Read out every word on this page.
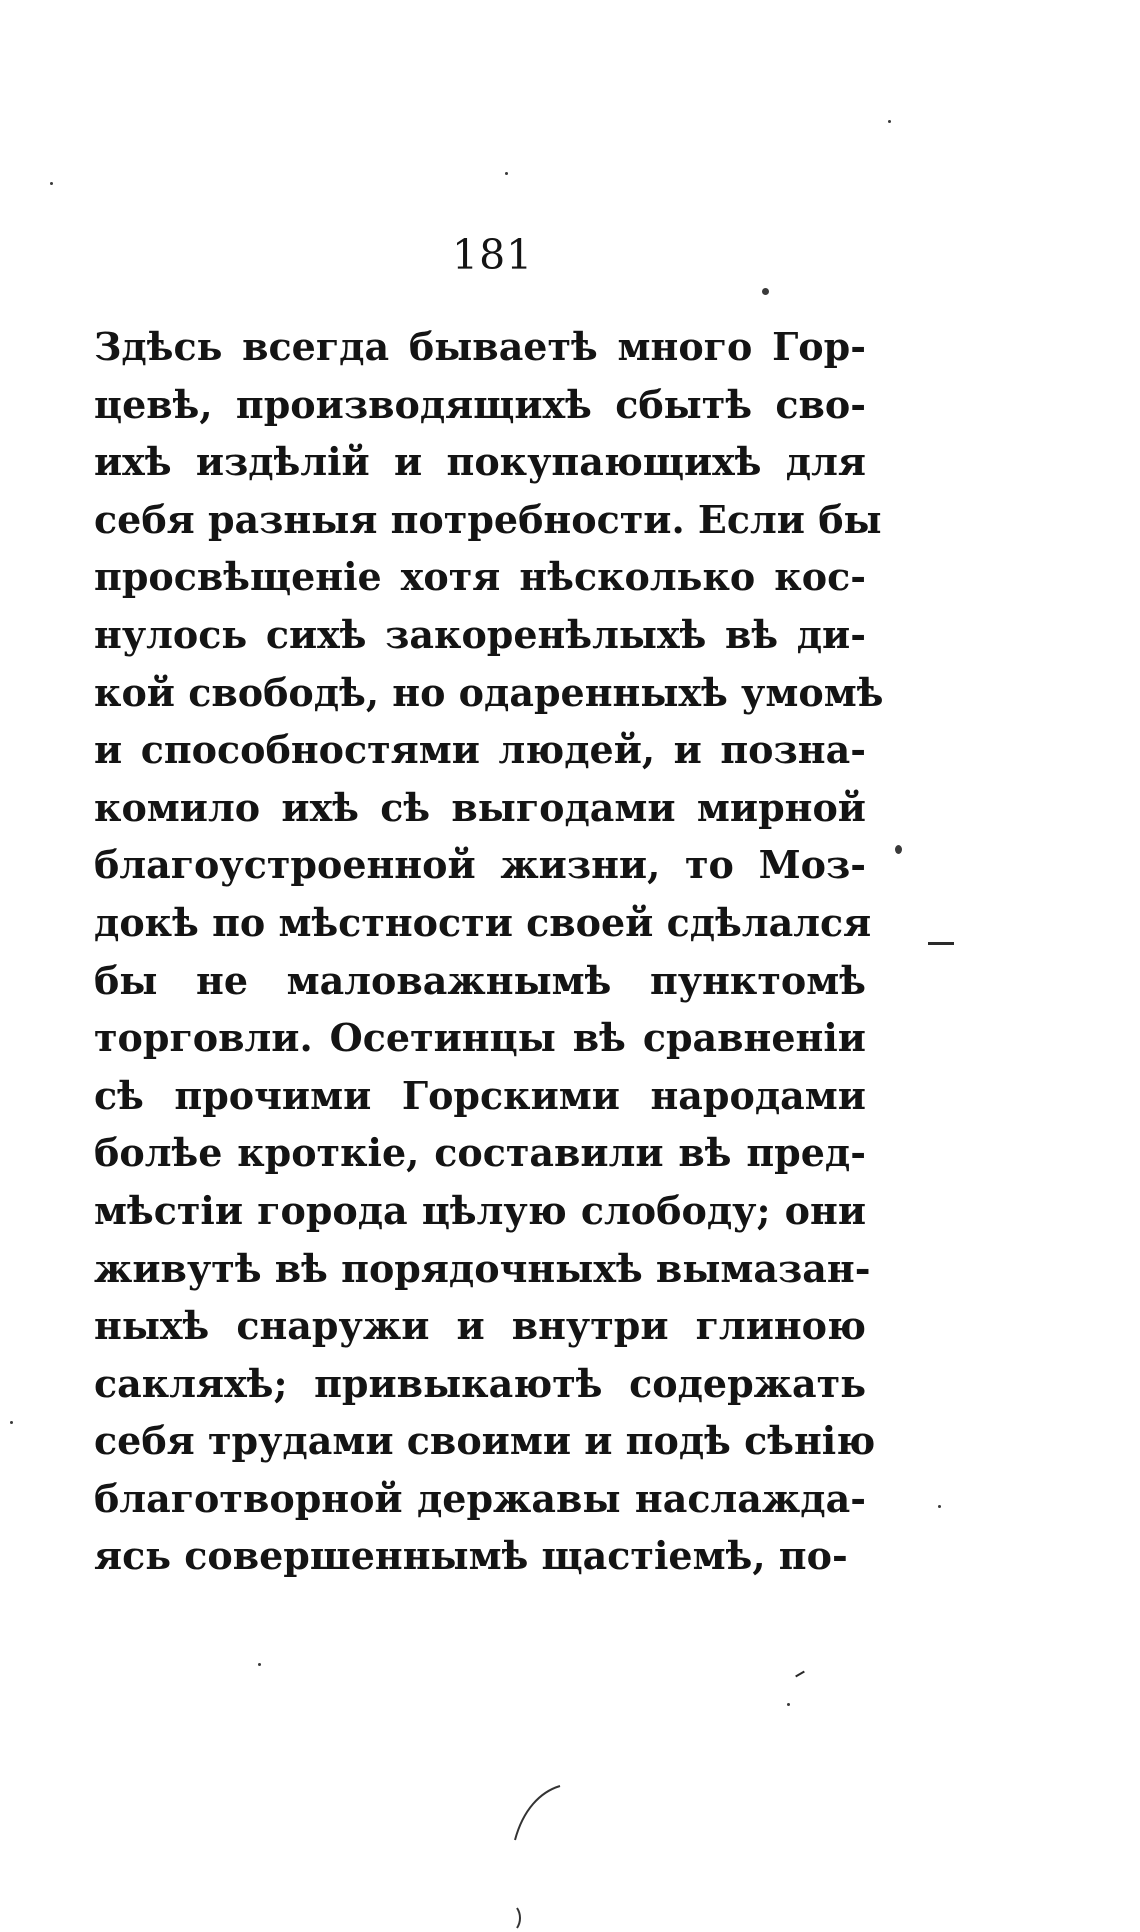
181
Здѣсь всегда бываетѣ много Гор-
цевѣ, производящихѣ сбытѣ сво-
ихѣ издѣлій и покупающихѣ для
себя разныя потребности. Если бы
просвѣщеніе хотя нѣсколько кос-
нулось сихѣ закоренѣлыхѣ вѣ ди-
кой свободѣ, но одаренныхѣ умомѣ
и способностями людей, и позна-
комило ихѣ сѣ выгодами мирной
благоустроенной жизни, то Моз-
докѣ по мѣстности своей сдѣлался
бы не маловажнымѣ пунктомѣ
торговли. Осетинцы вѣ сравненіи
сѣ прочими Горскими народами
болѣе кроткіе, составили вѣ пред-
мѣстіи города цѣлую слободу; они
живутѣ вѣ порядочныхѣ вымазан-
ныхѣ снаружи и внутри глиною
сакляхѣ; привыкаютѣ содержать
себя трудами своими и подѣ сѣнію
благотворной державы наслажда-
ясь совершеннымѣ щастіемѣ, по-
